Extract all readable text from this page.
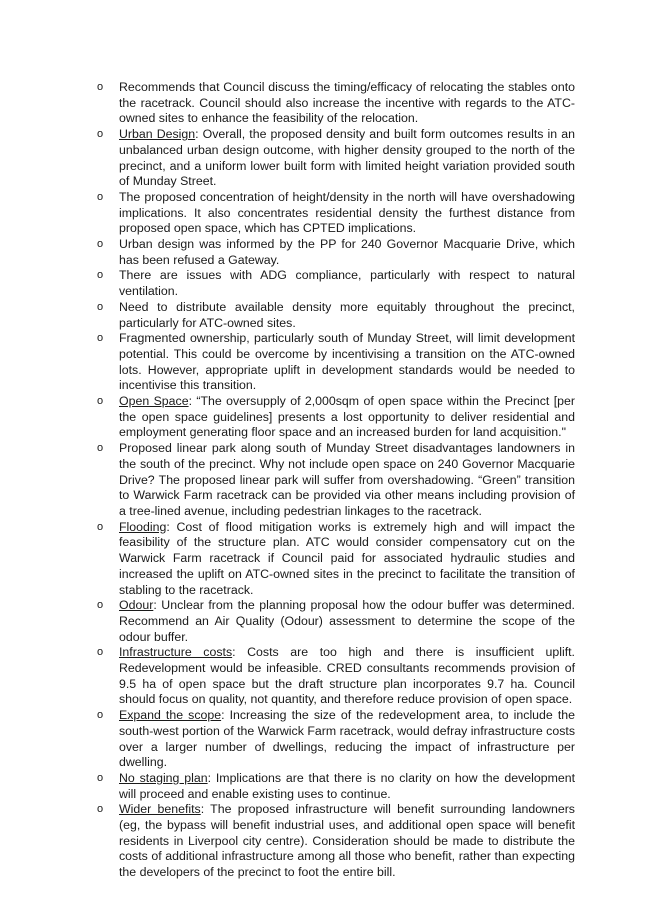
o Recommends that Council discuss the timing/efficacy of relocating the stables onto the racetrack. Council should also increase the incentive with regards to the ATC-owned sites to enhance the feasibility of the relocation.
o Urban Design: Overall, the proposed density and built form outcomes results in an unbalanced urban design outcome, with higher density grouped to the north of the precinct, and a uniform lower built form with limited height variation provided south of Munday Street.
o The proposed concentration of height/density in the north will have overshadowing implications. It also concentrates residential density the furthest distance from proposed open space, which has CPTED implications.
o Urban design was informed by the PP for 240 Governor Macquarie Drive, which has been refused a Gateway.
o There are issues with ADG compliance, particularly with respect to natural ventilation.
o Need to distribute available density more equitably throughout the precinct, particularly for ATC-owned sites.
o Fragmented ownership, particularly south of Munday Street, will limit development potential. This could be overcome by incentivising a transition on the ATC-owned lots. However, appropriate uplift in development standards would be needed to incentivise this transition.
o Open Space: “The oversupply of 2,000sqm of open space within the Precinct [per the open space guidelines] presents a lost opportunity to deliver residential and employment generating floor space and an increased burden for land acquisition."
o Proposed linear park along south of Munday Street disadvantages landowners in the south of the precinct. Why not include open space on 240 Governor Macquarie Drive? The proposed linear park will suffer from overshadowing. “Green” transition to Warwick Farm racetrack can be provided via other means including provision of a tree-lined avenue, including pedestrian linkages to the racetrack.
o Flooding: Cost of flood mitigation works is extremely high and will impact the feasibility of the structure plan. ATC would consider compensatory cut on the Warwick Farm racetrack if Council paid for associated hydraulic studies and increased the uplift on ATC-owned sites in the precinct to facilitate the transition of stabling to the racetrack.
o Odour: Unclear from the planning proposal how the odour buffer was determined. Recommend an Air Quality (Odour) assessment to determine the scope of the odour buffer.
o Infrastructure costs: Costs are too high and there is insufficient uplift. Redevelopment would be infeasible. CRED consultants recommends provision of 9.5 ha of open space but the draft structure plan incorporates 9.7 ha. Council should focus on quality, not quantity, and therefore reduce provision of open space.
o Expand the scope: Increasing the size of the redevelopment area, to include the south-west portion of the Warwick Farm racetrack, would defray infrastructure costs over a larger number of dwellings, reducing the impact of infrastructure per dwelling.
o No staging plan: Implications are that there is no clarity on how the development will proceed and enable existing uses to continue.
o Wider benefits: The proposed infrastructure will benefit surrounding landowners (eg, the bypass will benefit industrial uses, and additional open space will benefit residents in Liverpool city centre). Consideration should be made to distribute the costs of additional infrastructure among all those who benefit, rather than expecting the developers of the precinct to foot the entire bill.
